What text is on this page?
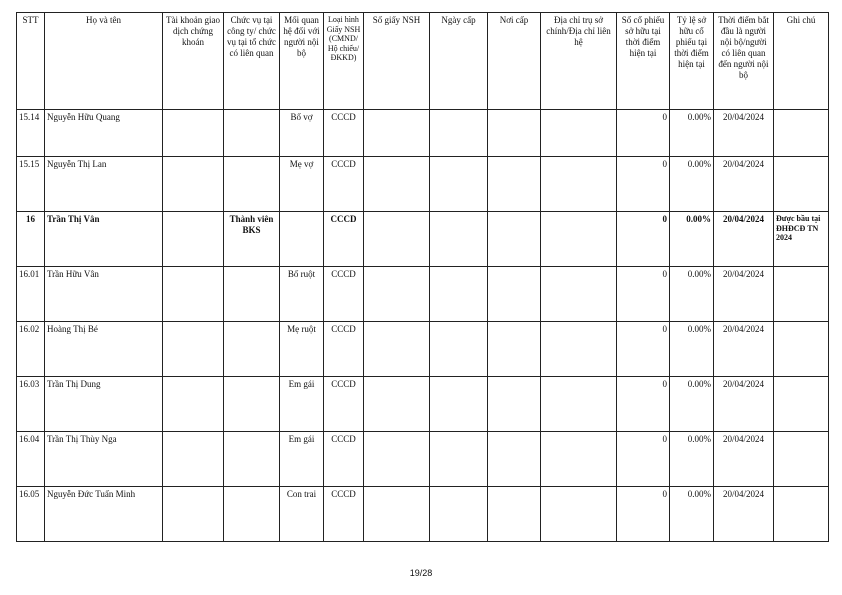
STT	Họ và tên	Tài khoản giao dịch chứng khoán	Chức vụ tại công ty/ chức vụ tại tổ chức có liên quan	Mối quan hệ đối với người nội bộ	Loại hình Giấy NSH (CMND/ Hộ chiếu/ ĐKKD)	Số giấy NSH	Ngày cấp	Nơi cấp	Địa chỉ trụ sở chính/Địa chỉ liên hệ	Số cổ phiếu sở hữu tại thời điểm hiện tại	Tỷ lệ sở hữu cổ phiếu tại thời điểm hiện tại	Thời điểm bắt đầu là người nội bộ/người có liên quan đến người nội bộ	Ghi chú
15.14	Nguyễn Hữu Quang			Bố vợ	CCCD					0	0.00%	20/04/2024	
15.15	Nguyễn Thị Lan			Mẹ vợ	CCCD					0	0.00%	20/04/2024	
16	Trần Thị Vân		Thành viên BKS		CCCD					0	0.00%	20/04/2024	Được bầu tại ĐHĐCĐ TN 2024
16.01	Trần Hữu Vân			Bố ruột	CCCD					0	0.00%	20/04/2024	
16.02	Hoàng Thị Bé			Mẹ ruột	CCCD					0	0.00%	20/04/2024	
16.03	Trần Thị Dung			Em gái	CCCD					0	0.00%	20/04/2024	
16.04	Trần Thị Thùy Nga			Em gái	CCCD					0	0.00%	20/04/2024	
16.05	Nguyễn Đức Tuấn Minh			Con trai	CCCD					0	0.00%	20/04/2024	
19/28
